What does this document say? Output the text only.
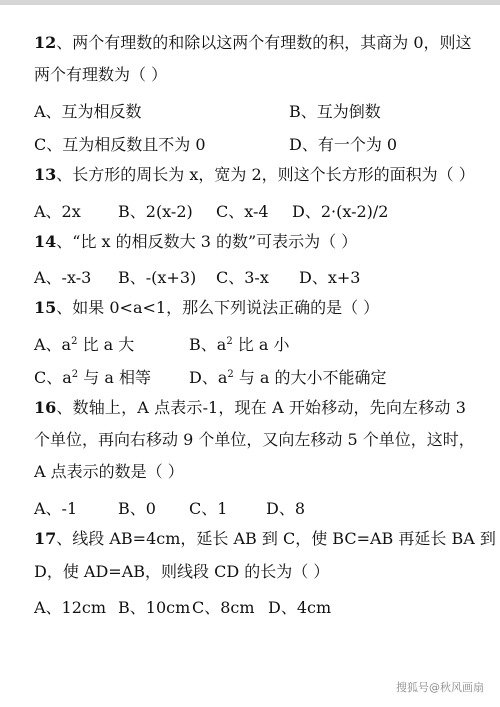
12、两个有理数的和除以这两个有理数的积，其商为 0，则这
两个有理数为（ ）
A、互为相反数	B、互为倒数
C、互为相反数且不为 0	D、有一个为 0
13、长方形的周长为 x，宽为 2，则这个长方形的面积为（ ）
A、2x B、2(x-2) C、x-4 D、2·(x-2)/2
14、“比 x 的相反数大 3 的数”可表示为（ ）
A、-x-3 B、-(x+3) C、3-x D、x+3
15、如果 0<a<1，那么下列说法正确的是（ ）
A、$a^2$ 比 a 大	B、$a^2$ 比 a 小
C、$a^2$ 与 a 相等 D、$a^2$ 与 a 的大小不能确定
16、数轴上，A 点表示-1，现在 A 开始移动，先向左移动 3
个单位，再向右移动 9 个单位，又向左移动 5 个单位，这时，
A 点表示的数是（ ）
A、-1	B、0 C、1 D、8
17、线段 AB=4cm，延长 AB 到 C，使 BC=AB 再延长 BA 到
D，使 AD=AB，则线段 CD 的长为（ ）
A、12cm B、10cm C、8cm D、4cm
搜狐号@秋风画扇
